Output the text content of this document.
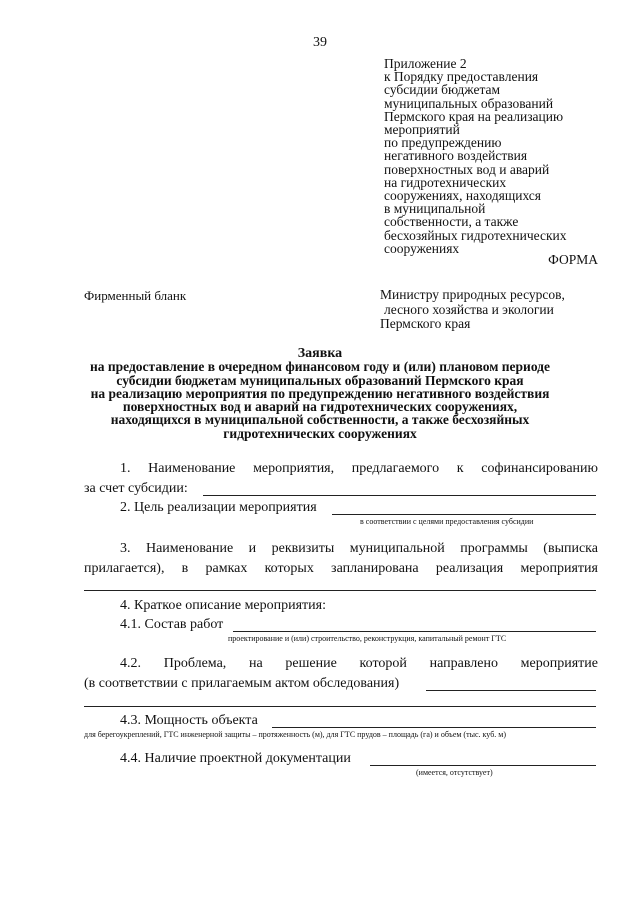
39
Приложение 2
к Порядку предоставления
субсидии бюджетам
муниципальных образований
Пермского края на реализацию
мероприятий
по предупреждению
негативного воздействия
поверхностных вод и аварий
на гидротехнических
сооружениях, находящихся
в муниципальной
собственности, а также
бесхозяйных гидротехнических
сооружениях
ФОРМА
Фирменный бланк	Министру природных ресурсов,
лесного хозяйства и экологии
Пермского края
Заявка
на предоставление в очередном финансовом году и (или) плановом периоде
субсидии бюджетам муниципальных образований Пермского края
на реализацию мероприятия по предупреждению негативного воздействия
поверхностных вод и аварий на гидротехнических сооружениях,
находящихся в муниципальной собственности, а также бесхозяйных
гидротехнических сооружениях
1. Наименование мероприятия, предлагаемого к софинансированию
за счет субсидии:
2. Цель реализации мероприятия
в соответствии с целями предоставления субсидии
3. Наименование и реквизиты муниципальной программы (выписка
прилагается), в рамках которых запланирована реализация мероприятия
4. Краткое описание мероприятия:
4.1. Состав работ
проектирование и (или) строительство, реконструкция, капитальный ремонт ГТС
4.2. Проблема, на решение которой направлено мероприятие
(в соответствии с прилагаемым актом обследования)
4.3. Мощность объекта
для берегоукреплений, ГТС инженерной защиты – протяженность (м), для ГТС прудов – площадь (га) и объем (тыс. куб. м)
4.4. Наличие проектной документации
(имеется, отсутствует)
